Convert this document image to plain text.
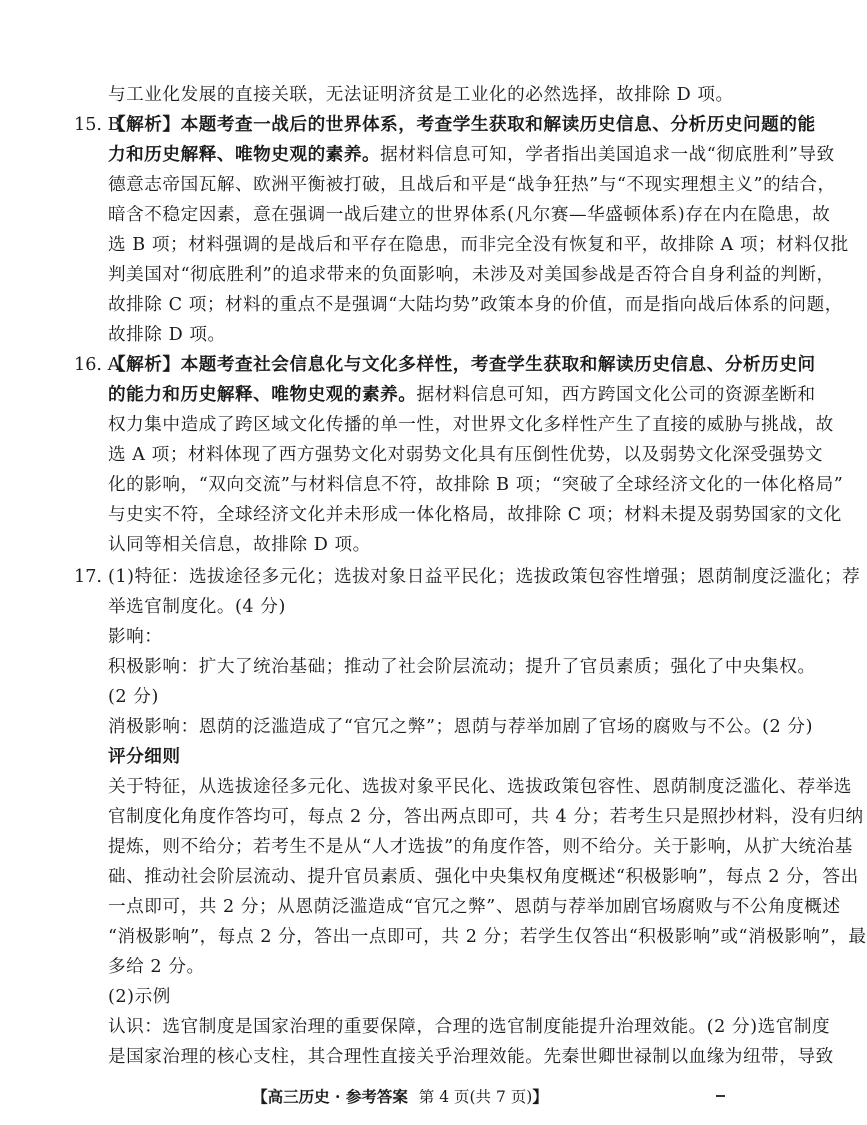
与工业化发展的直接关联，无法证明济贫是工业化的必然选择，故排除 D 项。
15. B
【解析】本题考查一战后的世界体系，考查学生获取和解读历史信息、分析历史问题的能
力和历史解释、唯物史观的素养。据材料信息可知，学者指出美国追求一战“彻底胜利”导致
德意志帝国瓦解、欧洲平衡被打破，且战后和平是“战争狂热”与“不现实理想主义”的结合，
暗含不稳定因素，意在强调一战后建立的世界体系(凡尔赛—华盛顿体系)存在内在隐患，故
选 B 项；材料强调的是战后和平存在隐患，而非完全没有恢复和平，故排除 A 项；材料仅批
判美国对“彻底胜利”的追求带来的负面影响，未涉及对美国参战是否符合自身利益的判断，
故排除 C 项；材料的重点不是强调“大陆均势”政策本身的价值，而是指向战后体系的问题，
故排除 D 项。
16. A
【解析】本题考查社会信息化与文化多样性，考查学生获取和解读历史信息、分析历史问
的能力和历史解释、唯物史观的素养。据材料信息可知，西方跨国文化公司的资源垄断和
权力集中造成了跨区域文化传播的单一性，对世界文化多样性产生了直接的威胁与挑战，故
选 A 项；材料体现了西方强势文化对弱势文化具有压倒性优势，以及弱势文化深受强势文
化的影响，“双向交流”与材料信息不符，故排除 B 项；“突破了全球经济文化的一体化格局”
与史实不符，全球经济文化并未形成一体化格局，故排除 C 项；材料未提及弱势国家的文化
认同等相关信息，故排除 D 项。
17. (1)特征：选拔途径多元化；选拔对象日益平民化；选拔政策包容性增强；恩荫制度泛滥化；荐
举选官制度化。(4 分)
影响：
积极影响：扩大了统治基础；推动了社会阶层流动；提升了官员素质；强化了中央集权。
(2 分)
消极影响：恩荫的泛滥造成了“官冗之弊”；恩荫与荐举加剧了官场的腐败与不公。(2 分)
评分细则
关于特征，从选拔途径多元化、选拔对象平民化、选拔政策包容性、恩荫制度泛滥化、荐举选
官制度化角度作答均可，每点 2 分，答出两点即可，共 4 分；若考生只是照抄材料，没有归纳
提炼，则不给分；若考生不是从“人才选拔”的角度作答，则不给分。关于影响，从扩大统治基
础、推动社会阶层流动、提升官员素质、强化中央集权角度概述“积极影响”，每点 2 分，答出
一点即可，共 2 分；从恩荫泛滥造成“官冗之弊”、恩荫与荐举加剧官场腐败与不公角度概述
“消极影响”，每点 2 分，答出一点即可，共 2 分；若学生仅答出“积极影响”或“消极影响”，最
多给 2 分。
(2)示例
认识：选官制度是国家治理的重要保障，合理的选官制度能提升治理效能。(2 分)选官制度
是国家治理的核心支柱，其合理性直接关乎治理效能。先秦世卿世禄制以血缘为纽带，导致
【高三历史 · 参考答案 第 4 页(共 7 页)】
